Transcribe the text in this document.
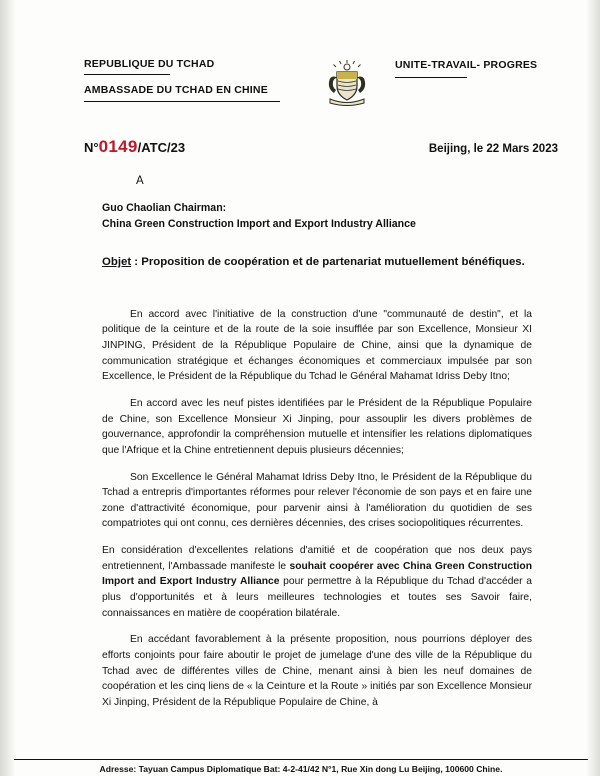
REPUBLIQUE DU TCHAD
AMBASSADE DU TCHAD EN CHINE
UNITE-TRAVAIL- PROGRES
N°0149/ATC/23	Beijing, le 22 Mars 2023
A
Guo Chaolian Chairman:
China Green Construction Import and Export Industry Alliance
Objet : Proposition de coopération et de partenariat mutuellement bénéfiques.

En accord avec l'initiative de la construction d'une "communauté de destin", et la politique de la ceinture et de la route de la soie insufflée par son Excellence, Monsieur XI JINPING, Président de la République Populaire de Chine, ainsi que la dynamique de communication stratégique et échanges économiques et commerciaux impulsée par son Excellence, le Président de la République du Tchad le Général Mahamat Idriss Deby Itno;

En accord avec les neuf pistes identifiées par le Président de la République Populaire de Chine, son Excellence Monsieur Xi Jinping, pour assouplir les divers problèmes de gouvernance, approfondir la compréhension mutuelle et intensifier les relations diplomatiques que l'Afrique et la Chine entretiennent depuis plusieurs décennies;

Son Excellence le Général Mahamat Idriss Deby Itno, le Président de la République du Tchad a entrepris d'importantes réformes pour relever l'économie de son pays et en faire une zone d'attractivité économique, pour parvenir ainsi à l'amélioration du quotidien de ses compatriotes qui ont connu, ces dernières décennies, des crises sociopolitiques récurrentes.

En considération d'excellentes relations d'amitié et de coopération que nos deux pays entretiennent, l'Ambassade manifeste le souhait coopérer avec China Green Construction Import and Export Industry Alliance pour permettre à la République du Tchad d'accéder a plus d'opportunités et à leurs meilleures technologies et toutes ses Savoir faire, connaissances en matière de coopération bilatérale.

En accédant favorablement à la présente proposition, nous pourrions déployer des efforts conjoints pour faire aboutir le projet de jumelage d'une des ville de la République du Tchad avec de différentes villes de Chine, menant ainsi à bien les neuf domaines de coopération et les cinq liens de « la Ceinture et la Route » initiés par son Excellence Monsieur Xi Jinping, Président de la République Populaire de Chine, à

Adresse: Tayuan Campus Diplomatique Bat: 4-2-41/42 N°1, Rue Xin dong Lu Beijing, 100600 Chine.
